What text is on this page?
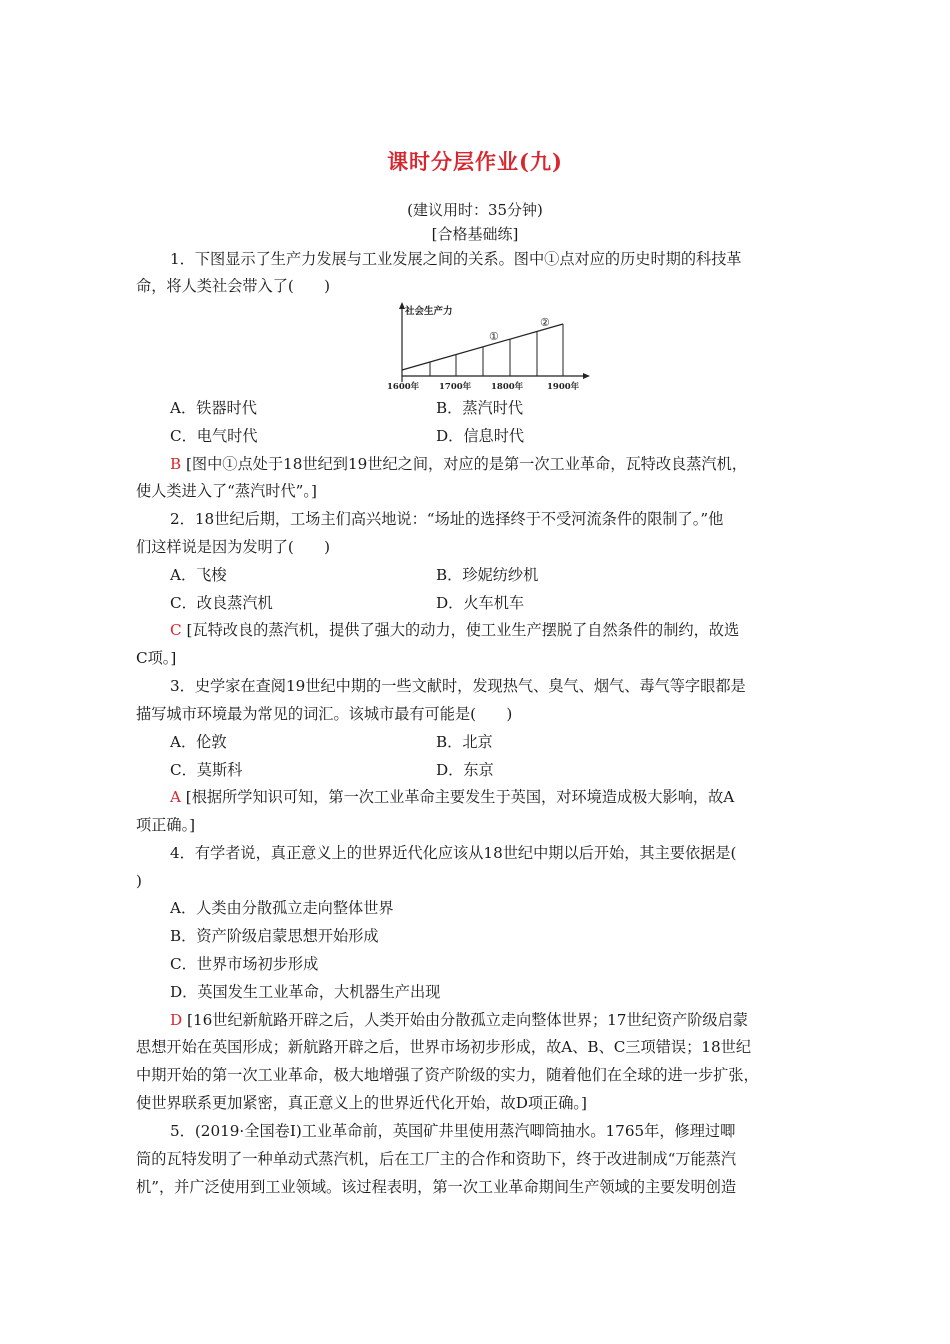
课时分层作业(九)
(建议用时：35分钟)
[合格基础练]
1．下图显示了生产力发展与工业发展之间的关系。图中①点对应的历史时期的科技革
命，将人类社会带入了(　　)
社会生产力
①
②
1600年 1700年 1800年	1900年
A．铁器时代	B．蒸汽时代
C．电气时代	D．信息时代
B [图中①点处于18世纪到19世纪之间，对应的是第一次工业革命，瓦特改良蒸汽机，
使人类进入了“蒸汽时代”。]
2．18世纪后期，工场主们高兴地说：“场址的选择终于不受河流条件的限制了。”他
们这样说是因为发明了(　　)
A．飞梭	B．珍妮纺纱机
C．改良蒸汽机	D．火车机车
C [瓦特改良的蒸汽机，提供了强大的动力，使工业生产摆脱了自然条件的制约，故选
C项。]
3．史学家在查阅19世纪中期的一些文献时，发现热气、臭气、烟气、毒气等字眼都是
描写城市环境最为常见的词汇。该城市最有可能是(　　)
A．伦敦	B．北京
C．莫斯科	D．东京
A [根据所学知识可知，第一次工业革命主要发生于英国，对环境造成极大影响，故A
项正确。]
4．有学者说，真正意义上的世界近代化应该从18世纪中期以后开始，其主要依据是(
)
A．人类由分散孤立走向整体世界
B．资产阶级启蒙思想开始形成
C．世界市场初步形成
D．英国发生工业革命，大机器生产出现
D [16世纪新航路开辟之后，人类开始由分散孤立走向整体世界；17世纪资产阶级启蒙
思想开始在英国形成；新航路开辟之后，世界市场初步形成，故A、B、C三项错误；18世纪
中期开始的第一次工业革命，极大地增强了资产阶级的实力，随着他们在全球的进一步扩张，
使世界联系更加紧密，真正意义上的世界近代化开始，故D项正确。]
5．(2019·全国卷Ⅰ)工业革命前，英国矿井里使用蒸汽唧筒抽水。1765年，修理过唧
筒的瓦特发明了一种单动式蒸汽机，后在工厂主的合作和资助下，终于改进制成“万能蒸汽
机”，并广泛使用到工业领域。该过程表明，第一次工业革命期间生产领域的主要发明创造
